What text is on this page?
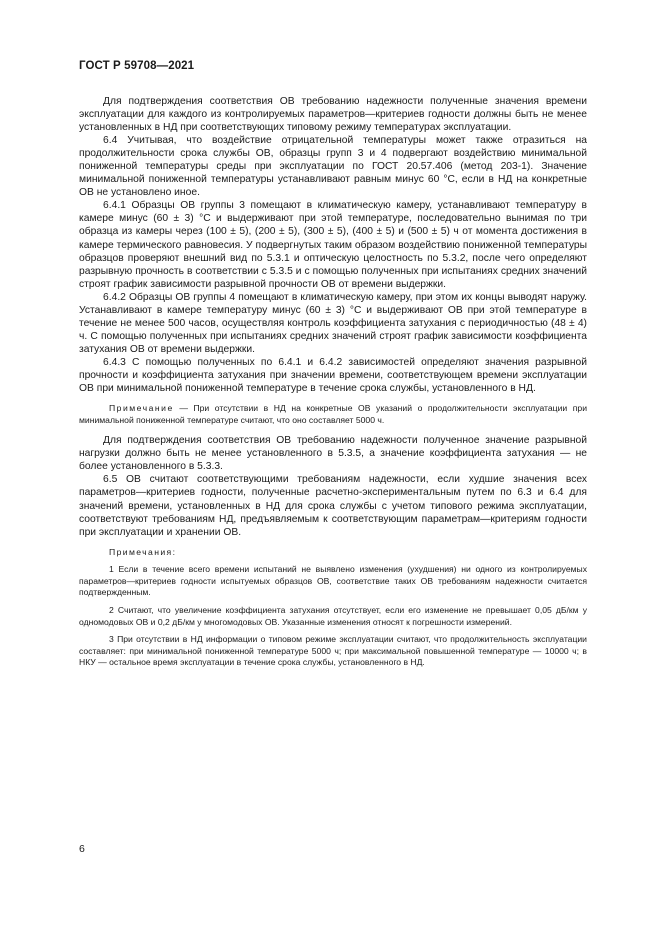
ГОСТ Р 59708—2021

Для подтверждения соответствия ОВ требованию надежности полученные значения времени эксплуатации для каждого из контролируемых параметров—критериев годности должны быть не менее установленных в НД при соответствующих типовому режиму температурах эксплуатации.

6.4 Учитывая, что воздействие отрицательной температуры может также отразиться на продолжительности срока службы ОВ, образцы групп 3 и 4 подвергают воздействию минимальной пониженной температуры среды при эксплуатации по ГОСТ 20.57.406 (метод 203-1). Значение минимальной пониженной температуры устанавливают равным минус 60 °С, если в НД на конкретные ОВ не установлено иное.

6.4.1 Образцы ОВ группы 3 помещают в климатическую камеру, устанавливают температуру в камере минус (60 ± 3) °С и выдерживают при этой температуре, последовательно вынимая по три образца из камеры через (100 ± 5), (200 ± 5), (300 ± 5), (400 ± 5) и (500 ± 5) ч от момента достижения в камере термического равновесия. У подвергнутых таким образом воздействию пониженной температуры образцов проверяют внешний вид по 5.3.1 и оптическую целостность по 5.3.2, после чего определяют разрывную прочность в соответствии с 5.3.5 и с помощью полученных при испытаниях средних значений строят график зависимости разрывной прочности ОВ от времени выдержки.

6.4.2 Образцы ОВ группы 4 помещают в климатическую камеру, при этом их концы выводят наружу. Устанавливают в камере температуру минус (60 ± 3) °С и выдерживают ОВ при этой температуре в течение не менее 500 часов, осуществляя контроль коэффициента затухания с периодичностью (48 ± 4) ч. С помощью полученных при испытаниях средних значений строят график зависимости коэффициента затухания ОВ от времени выдержки.

6.4.3 С помощью полученных по 6.4.1 и 6.4.2 зависимостей определяют значения разрывной прочности и коэффициента затухания при значении времени, соответствующем времени эксплуатации ОВ при минимальной пониженной температуре в течение срока службы, установленного в НД.

Примечание — При отсутствии в НД на конкретные ОВ указаний о продолжительности эксплуатации при минимальной пониженной температуре считают, что оно составляет 5000 ч.

Для подтверждения соответствия ОВ требованию надежности полученное значение разрывной нагрузки должно быть не менее установленного в 5.3.5, а значение коэффициента затухания — не более установленного в 5.3.3.

6.5 ОВ считают соответствующими требованиям надежности, если худшие значения всех параметров—критериев годности, полученные расчетно-экспериментальным путем по 6.3 и 6.4 для значений времени, установленных в НД для срока службы с учетом типового режима эксплуатации, соответствуют требованиям НД, предъявляемым к соответствующим параметрам—критериям годности при эксплуатации и хранении ОВ.

Примечания:

1 Если в течение всего времени испытаний не выявлено изменения (ухудшения) ни одного из контролируемых параметров—критериев годности испытуемых образцов ОВ, соответствие таких ОВ требованиям надежности считается подтвержденным.

2 Считают, что увеличение коэффициента затухания отсутствует, если его изменение не превышает 0,05 дБ/км у одномодовых ОВ и 0,2 дБ/км у многомодовых ОВ. Указанные изменения относят к погрешности измерений.

3 При отсутствии в НД информации о типовом режиме эксплуатации считают, что продолжительность эксплуатации составляет: при минимальной пониженной температуре 5000 ч; при максимальной повышенной температуре — 10000 ч; в НКУ — остальное время эксплуатации в течение срока службы, установленного в НД.

6
